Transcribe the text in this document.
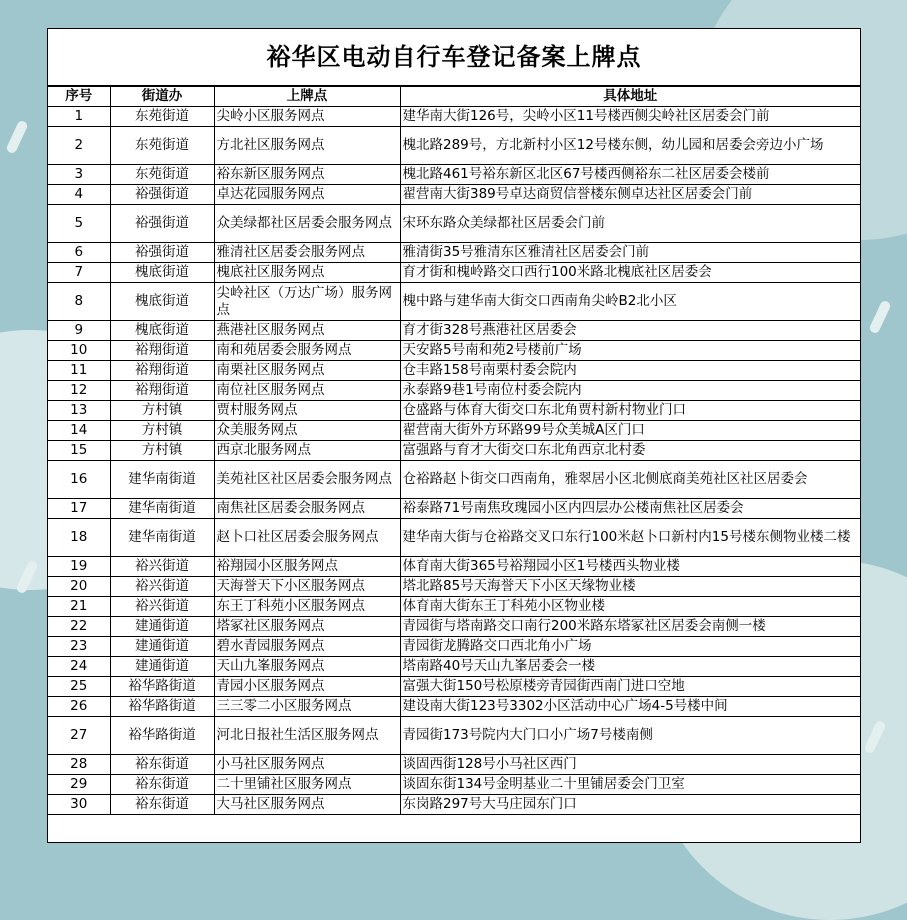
裕华区电动自行车登记备案上牌点
序号	街道办	上牌点	具体地址
1	东苑街道	尖岭小区服务网点	建华南大街126号，尖岭小区11号楼西侧尖岭社区居委会门前
2	东苑街道	方北社区服务网点	槐北路289号，方北新村小区12号楼东侧，幼儿园和居委会旁边小广场
3	东苑街道	裕东新区服务网点	槐北路461号裕东新区北区67号楼西侧裕东二社区居委会楼前
4	裕强街道	卓达花园服务网点	翟营南大街389号卓达商贸信誉楼东侧卓达社区居委会门前
5	裕强街道	众美绿都社区居委会服务网点	宋环东路众美绿都社区居委会门前
6	裕强街道	雅清社区居委会服务网点	雅清街35号雅清东区雅清社区居委会门前
7	槐底街道	槐底社区服务网点	育才街和槐岭路交口西行100米路北槐底社区居委会
8	槐底街道	尖岭社区（万达广场）服务网点	槐中路与建华南大街交口西南角尖岭B2北小区
9	槐底街道	燕港社区服务网点	育才街328号燕港社区居委会
10	裕翔街道	南和苑居委会服务网点	天安路5号南和苑2号楼前广场
11	裕翔街道	南栗社区服务网点	仓丰路158号南栗村委会院内
12	裕翔街道	南位社区服务网点	永泰路9巷1号南位村委会院内
13	方村镇	贾村服务网点	仓盛路与体育大街交口东北角贾村新村物业门口
14	方村镇	众美服务网点	翟营南大街外方环路99号众美城A区门口
15	方村镇	西京北服务网点	富强路与育才大街交口东北角西京北村委
16	建华南街道	美苑社区社区居委会服务网点	仓裕路赵卜街交口西南角，雅翠居小区北侧底商美苑社区社区居委会
17	建华南街道	南焦社区居委会服务网点	裕泰路71号南焦玫瑰园小区内四层办公楼南焦社区居委会
18	建华南街道	赵卜口社区居委会服务网点	建华南大街与仓裕路交叉口东行100米赵卜口新村内15号楼东侧物业楼二楼
19	裕兴街道	裕翔园小区服务网点	体育南大街365号裕翔园小区1号楼西头物业楼
20	裕兴街道	天海誉天下小区服务网点	塔北路85号天海誉天下小区天缘物业楼
21	裕兴街道	东王丁科苑小区服务网点	体育南大街东王丁科苑小区物业楼
22	建通街道	塔冢社区服务网点	青园街与塔南路交口南行200米路东塔冢社区居委会南侧一楼
23	建通街道	碧水青园服务网点	青园街龙腾路交口西北角小广场
24	建通街道	天山九峯服务网点	塔南路40号天山九峯居委会一楼
25	裕华路街道	青园小区服务网点	富强大街150号松原楼旁青园街西南门进口空地
26	裕华路街道	三三零二小区服务网点	建设南大街123号3302小区活动中心广场4-5号楼中间
27	裕华路街道	河北日报社生活区服务网点	青园街173号院内大门口小广场7号楼南侧
28	裕东街道	小马社区服务网点	谈固西街128号小马社区西门
29	裕东街道	二十里铺社区服务网点	谈固东街134号金明基业二十里铺居委会门卫室
30	裕东街道	大马社区服务网点	东岗路297号大马庄园东门口
